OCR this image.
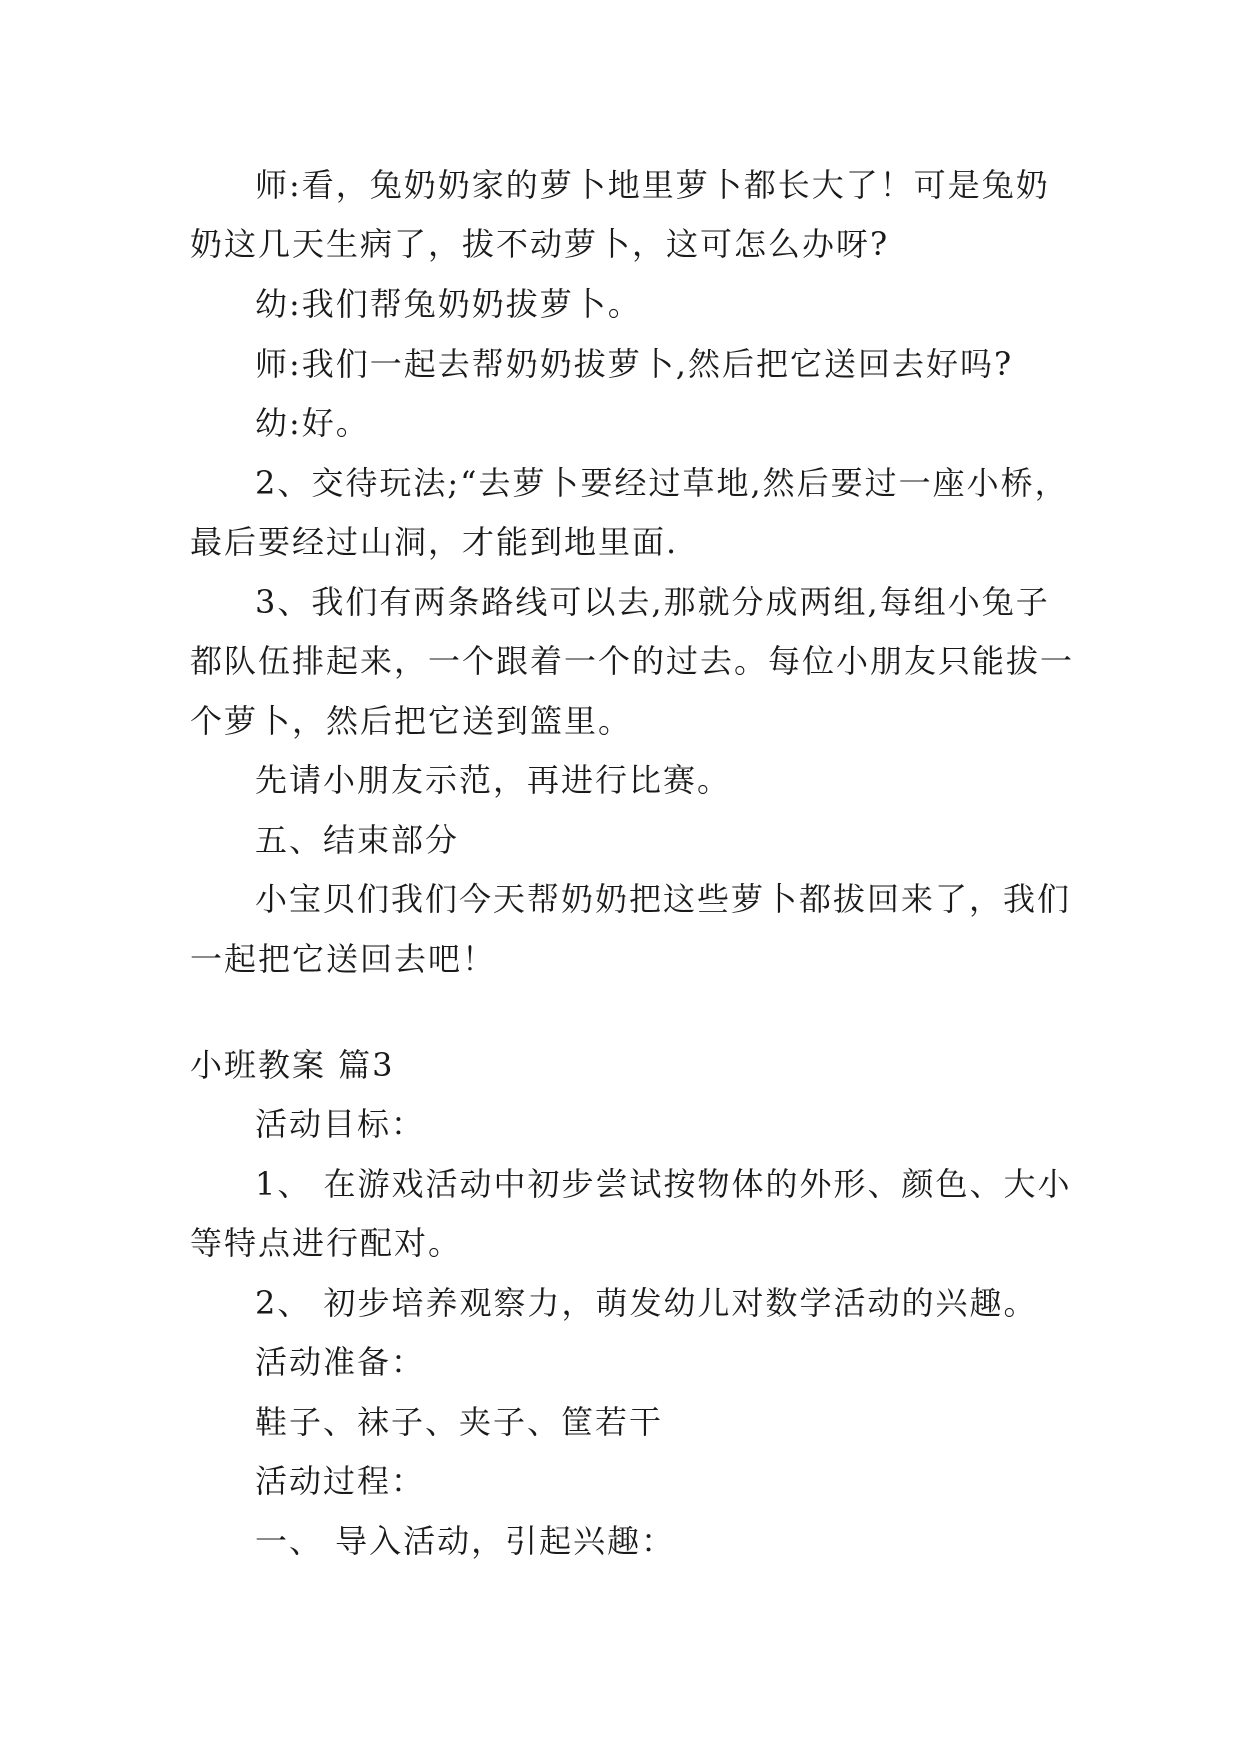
师:看，兔奶奶家的萝卜地里萝卜都长大了！可是兔奶
奶这几天生病了，拔不动萝卜，这可怎么办呀?
幼:我们帮兔奶奶拔萝卜。
师:我们一起去帮奶奶拔萝卜,然后把它送回去好吗?
幼:好。
2、交待玩法;“去萝卜要经过草地,然后要过一座小桥，
最后要经过山洞，才能到地里面.
3、我们有两条路线可以去,那就分成两组,每组小兔子
都队伍排起来，一个跟着一个的过去。每位小朋友只能拔一
个萝卜，然后把它送到篮里。
先请小朋友示范，再进行比赛。
五、结束部分
小宝贝们我们今天帮奶奶把这些萝卜都拔回来了，我们
一起把它送回去吧！
小班教案 篇3
活动目标：
1、 在游戏活动中初步尝试按物体的外形、颜色、大小
等特点进行配对。
2、 初步培养观察力，萌发幼儿对数学活动的兴趣。
活动准备：
鞋子、袜子、夹子、筐若干
活动过程：
一、 导入活动，引起兴趣：
